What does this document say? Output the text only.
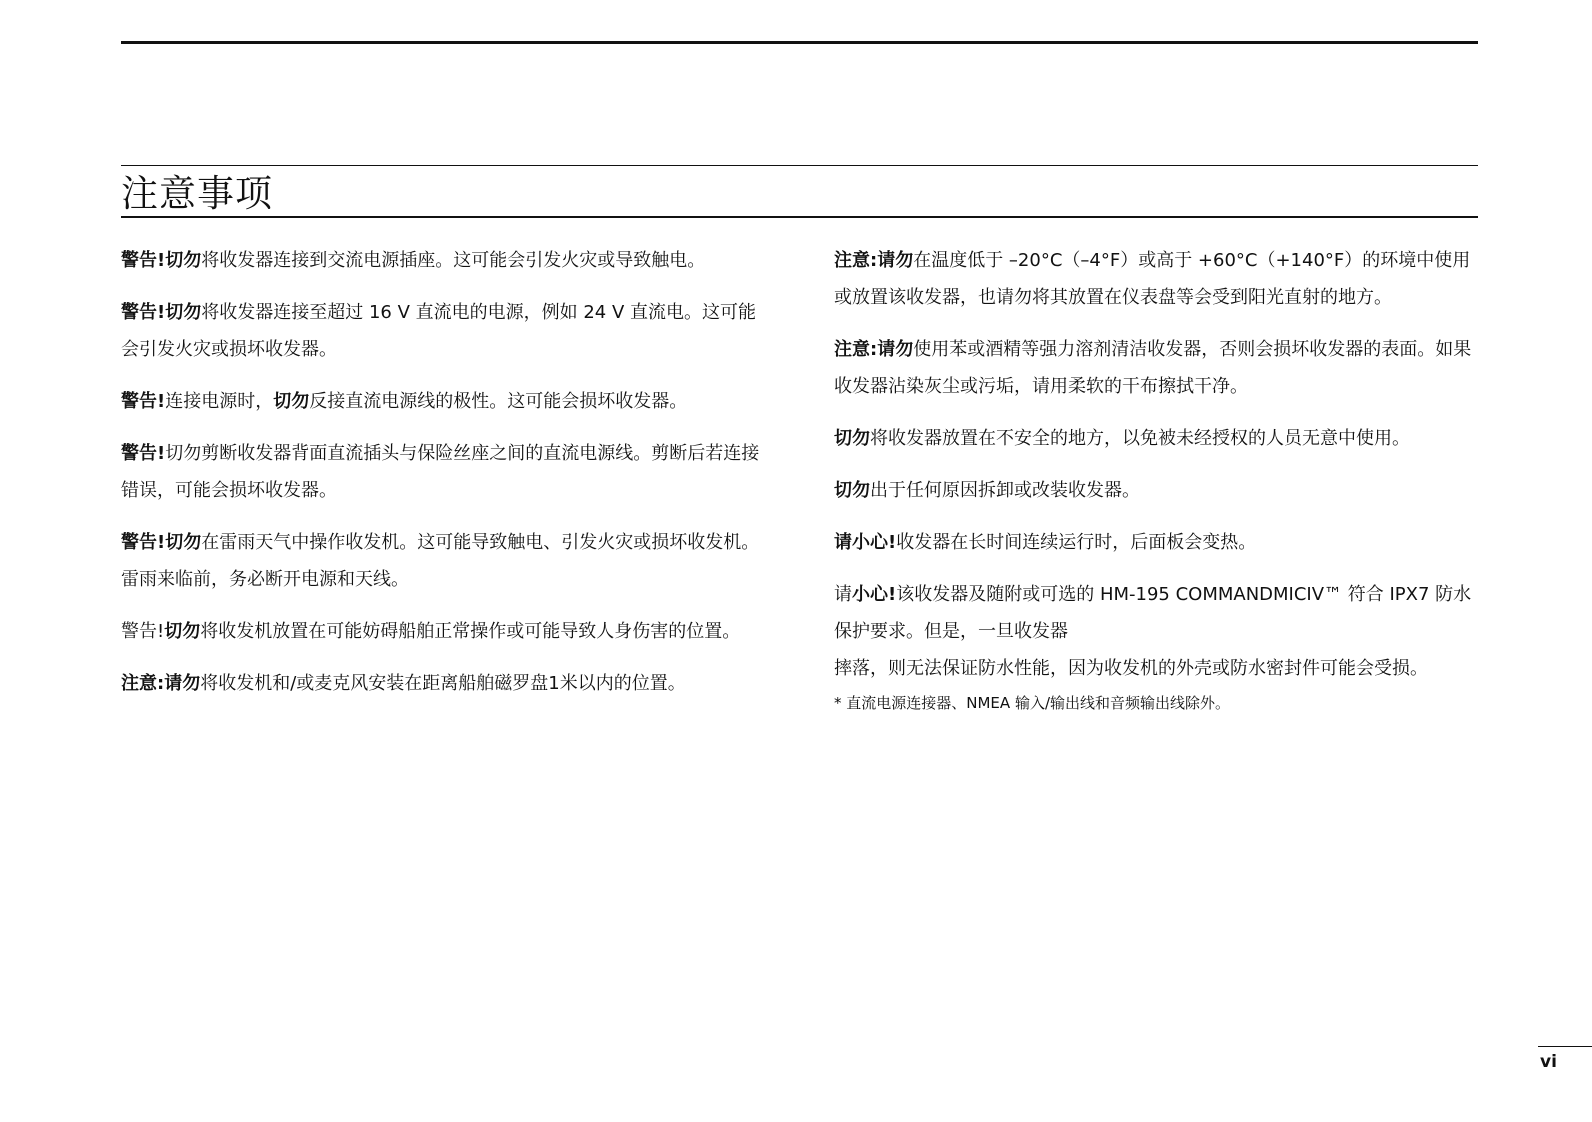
注意事项
警告!切勿将收发器连接到交流电源插座。这可能会引发火灾或导致触电。
警告!切勿将收发器连接至超过 16 V 直流电的电源，例如 24 V 直流电。这可能会引发火灾或损坏收发器。
警告!连接电源时，切勿反接直流电源线的极性。这可能会损坏收发器。
警告!切勿剪断收发器背面直流插头与保险丝座之间的直流电源线。剪断后若连接错误，可能会损坏收发器。
警告!切勿在雷雨天气中操作收发机。这可能导致触电、引发火灾或损坏收发机。雷雨来临前，务必断开电源和天线。
警告!切勿将收发机放置在可能妨碍船舶正常操作或可能导致人身伤害的位置。
注意:请勿将收发机和/或麦克风安装在距离船舶磁罗盘1米以内的位置。
注意:请勿在温度低于 –20°C（–4°F）或高于 +60°C（+140°F）的环境中使用或放置该收发器，也请勿将其放置在仪表盘等会受到阳光直射的地方。
注意:请勿使用苯或酒精等强力溶剂清洁收发器，否则会损坏收发器的表面。如果收发器沾染灰尘或污垢，请用柔软的干布擦拭干净。
切勿将收发器放置在不安全的地方，以免被未经授权的人员无意中使用。
切勿出于任何原因拆卸或改装收发器。
请小心!收发器在长时间连续运行时，后面板会变热。
请小心!该收发器及随附或可选的 HM-195 COMMANDMICIV™ 符合 IPX7 防水保护要求。但是，一旦收发器
摔落，则无法保证防水性能，因为收发机的外壳或防水密封件可能会受损。
* 直流电源连接器、NMEA 输入/输出线和音频输出线除外。
vi
